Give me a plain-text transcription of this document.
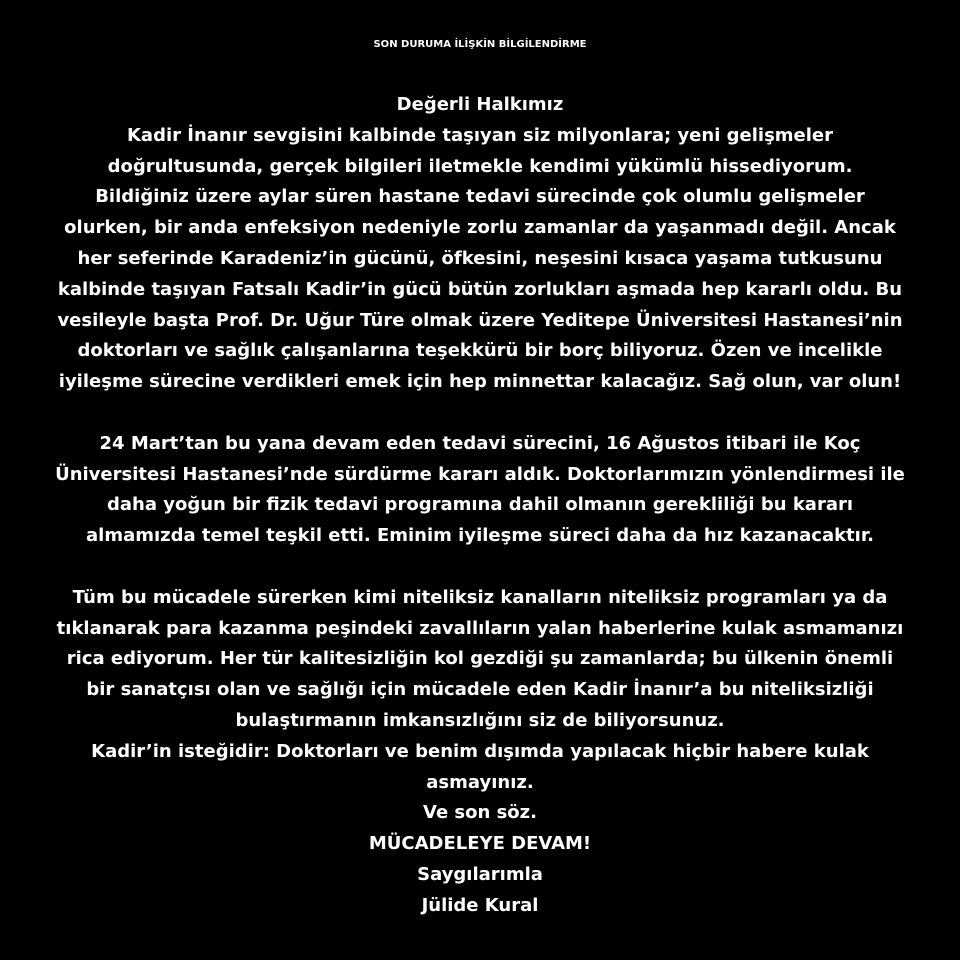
SON DURUMA İLİŞKİN BİLGİLENDİRME
Değerli Halkımız
Kadir İnanır sevgisini kalbinde taşıyan siz milyonlara; yeni gelişmeler
doğrultusunda, gerçek bilgileri iletmekle kendimi yükümlü hissediyorum.
Bildiğiniz üzere aylar süren hastane tedavi sürecinde çok olumlu gelişmeler
olurken, bir anda enfeksiyon nedeniyle zorlu zamanlar da yaşanmadı değil. Ancak
her seferinde Karadeniz’in gücünü, öfkesini, neşesini kısaca yaşama tutkusunu
kalbinde taşıyan Fatsalı Kadir’in gücü bütün zorlukları aşmada hep kararlı oldu. Bu
vesileyle başta Prof. Dr. Uğur Türe olmak üzere Yeditepe Üniversitesi Hastanesi’nin
doktorları ve sağlık çalışanlarına teşekkürü bir borç biliyoruz. Özen ve incelikle
iyileşme sürecine verdikleri emek için hep minnettar kalacağız. Sağ olun, var olun!
24 Mart’tan bu yana devam eden tedavi sürecini, 16 Ağustos itibari ile Koç
Üniversitesi Hastanesi’nde sürdürme kararı aldık. Doktorlarımızın yönlendirmesi ile
daha yoğun bir fizik tedavi programına dahil olmanın gerekliliği bu kararı
almamızda temel teşkil etti. Eminim iyileşme süreci daha da hız kazanacaktır.
Tüm bu mücadele sürerken kimi niteliksiz kanalların niteliksiz programları ya da
tıklanarak para kazanma peşindeki zavallıların yalan haberlerine kulak asmamanızı
rica ediyorum. Her tür kalitesizliğin kol gezdiği şu zamanlarda; bu ülkenin önemli
bir sanatçısı olan ve sağlığı için mücadele eden Kadir İnanır’a bu niteliksizliği
bulaştırmanın imkansızlığını siz de biliyorsunuz.
Kadir’in isteğidir: Doktorları ve benim dışımda yapılacak hiçbir habere kulak
asmayınız.
Ve son söz.
MÜCADELEYE DEVAM!
Saygılarımla
Jülide Kural
